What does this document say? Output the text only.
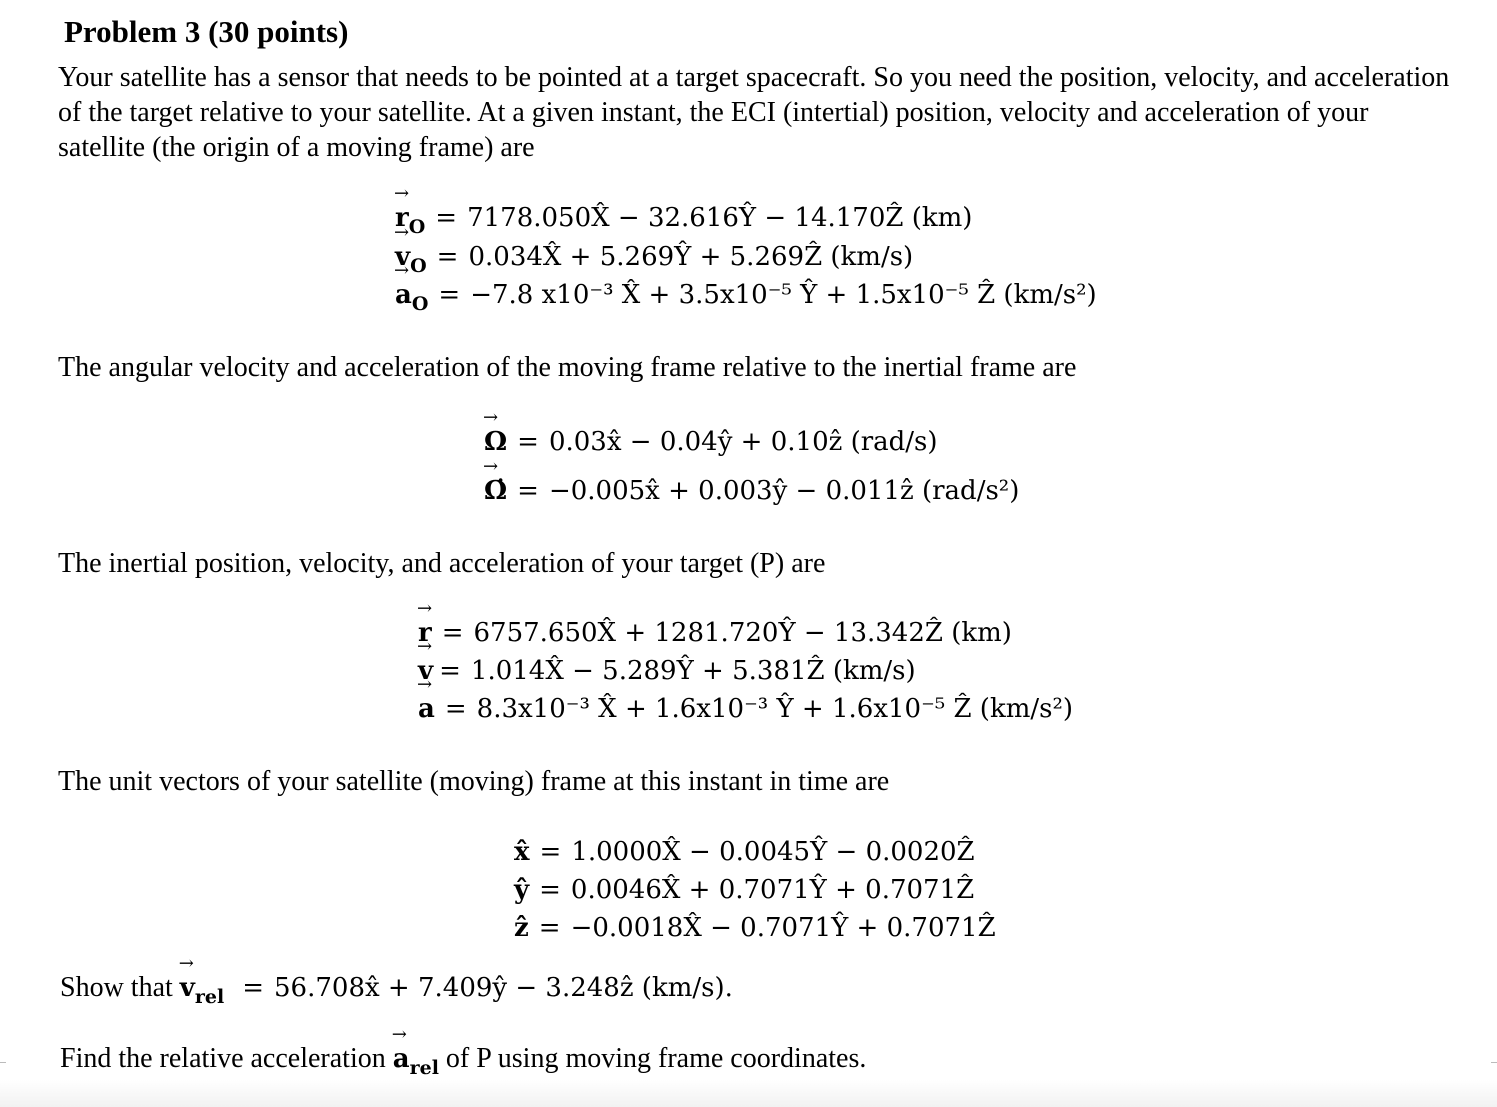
Problem 3 (30 points)
Your satellite has a sensor that needs to be pointed at a target spacecraft. So you need the position, velocity, and acceleration of the target relative to your satellite. At a given instant, the ECI (intertial) position, velocity and acceleration of your satellite (the origin of a moving frame) are
→ $r_O$ = 7178.050X̂ − 32.616Ŷ − 14.170Ẑ (km)
→ $v_O$ = 0.034X̂ + 5.269Ŷ + 5.269Ẑ (km/s)
→ $a_O = -7.8$ x10⁻³ X̂ + 3.5x10⁻⁵ Ŷ + 1.5x10⁻⁵ Ẑ (km/s²)
The angular velocity and acceleration of the moving frame relative to the inertial frame are
→ Ω = 0.03x̂ − 0.04ŷ + 0.10ẑ (rad/s)
→ Ω̇ = −0.005x̂ + 0.003ŷ − 0.011ẑ (rad/s²)
The inertial position, velocity, and acceleration of your target (P) are
→ r = 6757.650X̂ + 1281.720Ŷ − 13.342Ẑ (km)
→ v = 1.014X̂ − 5.289Ŷ + 5.381Ẑ (km/s)
→ a = 8.3x10⁻³ X̂ + 1.6x10⁻³ Ŷ + 1.6x10⁻⁵ Ẑ (km/s²)
The unit vectors of your satellite (moving) frame at this instant in time are
x̂ = 1.0000X̂ − 0.0045Ŷ − 0.0020Ẑ
ŷ = 0.0046X̂ + 0.7071Ŷ + 0.7071Ẑ
ẑ = −0.0018X̂ − 0.7071Ŷ + 0.7071Ẑ
Show that → $v_{rel}$ = 56.708x̂ + 7.409ŷ − 3.248ẑ (km/s).
Find the relative acceleration → $a_{rel}$ of P using moving frame coordinates.
